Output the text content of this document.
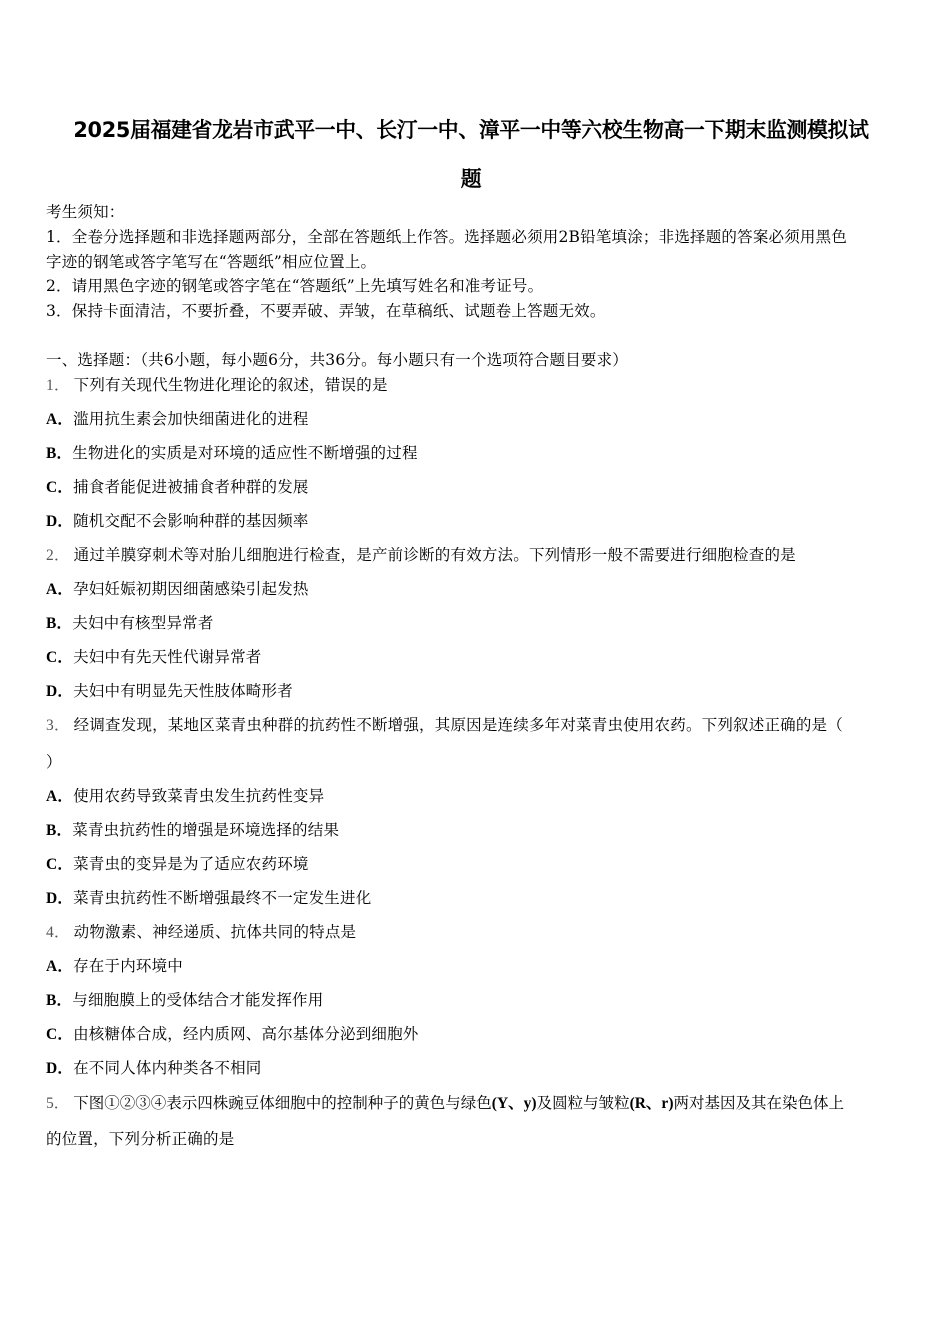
2025届福建省龙岩市武平一中、长汀一中、漳平一中等六校生物高一下期末监测模拟试
题
考生须知：
1．全卷分选择题和非选择题两部分，全部在答题纸上作答。选择题必须用2B铅笔填涂；非选择题的答案必须用黑色
字迹的钢笔或答字笔写在“答题纸”相应位置上。
2．请用黑色字迹的钢笔或答字笔在“答题纸”上先填写姓名和准考证号。
3．保持卡面清洁，不要折叠，不要弄破、弄皱，在草稿纸、试题卷上答题无效。
一、选择题：（共6小题，每小题6分，共36分。每小题只有一个选项符合题目要求）
1． 下列有关现代生物进化理论的叙述，错误的是
A．滥用抗生素会加快细菌进化的进程
B．生物进化的实质是对环境的适应性不断增强的过程
C．捕食者能促进被捕食者种群的发展
D．随机交配不会影响种群的基因频率
2． 通过羊膜穿刺术等对胎儿细胞进行检查，是产前诊断的有效方法。下列情形一般不需要进行细胞检查的是
A．孕妇妊娠初期因细菌感染引起发热
B．夫妇中有核型异常者
C．夫妇中有先天性代谢异常者
D．夫妇中有明显先天性肢体畸形者
3． 经调查发现，某地区菜青虫种群的抗药性不断增强，其原因是连续多年对菜青虫使用农药。下列叙述正确的是（
）
A．使用农药导致菜青虫发生抗药性变异
B．菜青虫抗药性的增强是环境选择的结果
C．菜青虫的变异是为了适应农药环境
D．菜青虫抗药性不断增强最终不一定发生进化
4． 动物激素、神经递质、抗体共同的特点是
A．存在于内环境中
B．与细胞膜上的受体结合才能发挥作用
C．由核糖体合成，经内质网、高尔基体分泌到细胞外
D．在不同人体内种类各不相同
5． 下图①②③④表示四株豌豆体细胞中的控制种子的黄色与绿色(Y、y)及圆粒与皱粒(R、r)两对基因及其在染色体上
的位置，下列分析正确的是
